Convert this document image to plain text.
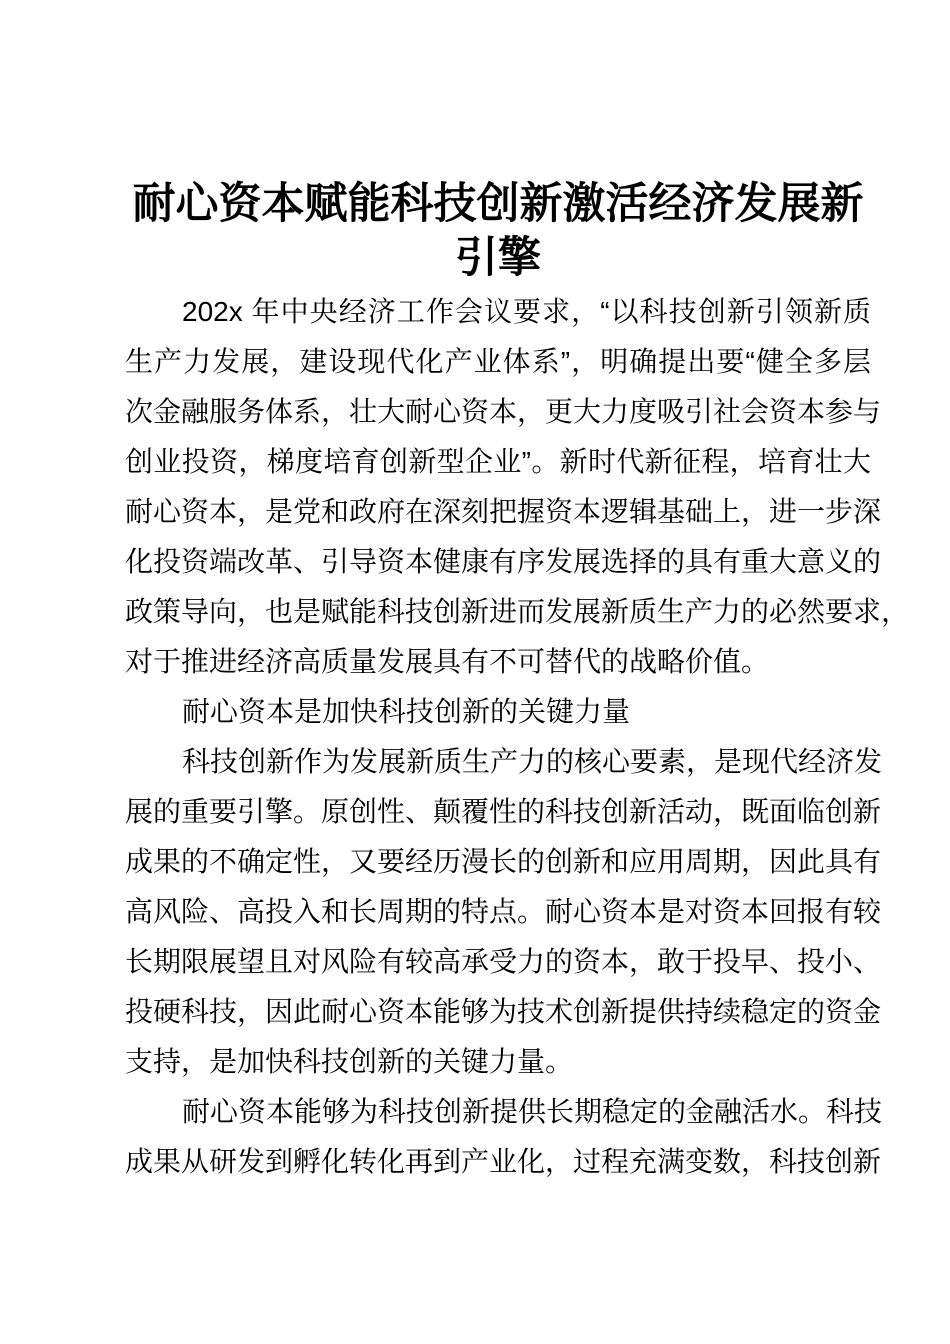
耐心资本赋能科技创新激活经济发展新
引擎
202x 年中央经济工作会议要求，“以科技创新引领新质
生产力发展，建设现代化产业体系”，明确提出要“健全多层
次金融服务体系，壮大耐心资本，更大力度吸引社会资本参与
创业投资，梯度培育创新型企业”。新时代新征程，培育壮大
耐心资本，是党和政府在深刻把握资本逻辑基础上，进一步深
化投资端改革、引导资本健康有序发展选择的具有重大意义的
政策导向，也是赋能科技创新进而发展新质生产力的必然要求，
对于推进经济高质量发展具有不可替代的战略价值。
耐心资本是加快科技创新的关键力量
科技创新作为发展新质生产力的核心要素，是现代经济发
展的重要引擎。原创性、颠覆性的科技创新活动，既面临创新
成果的不确定性，又要经历漫长的创新和应用周期，因此具有
高风险、高投入和长周期的特点。耐心资本是对资本回报有较
长期限展望且对风险有较高承受力的资本，敢于投早、投小、
投硬科技，因此耐心资本能够为技术创新提供持续稳定的资金
支持，是加快科技创新的关键力量。
耐心资本能够为科技创新提供长期稳定的金融活水。科技
成果从研发到孵化转化再到产业化，过程充满变数，科技创新
